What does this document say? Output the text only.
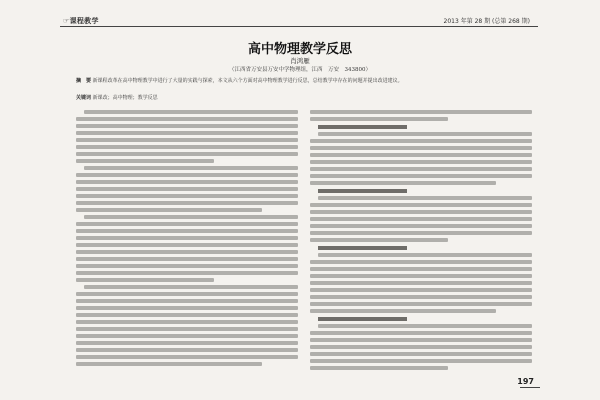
☞课程教学	2013 年第 28 期 (总第 268 期)
高中物理教学反思
肖鸿雁
（江西省万安县万安中学物理组，江西　万安　343800）
摘　要 新课程改革在高中物理教学中进行了大量的实践与探索，本文从六个方面对高中物理教学进行反思，总结教学中存在的问题并提出改进建议。
关键词 新课改；高中物理；教学反思
197
